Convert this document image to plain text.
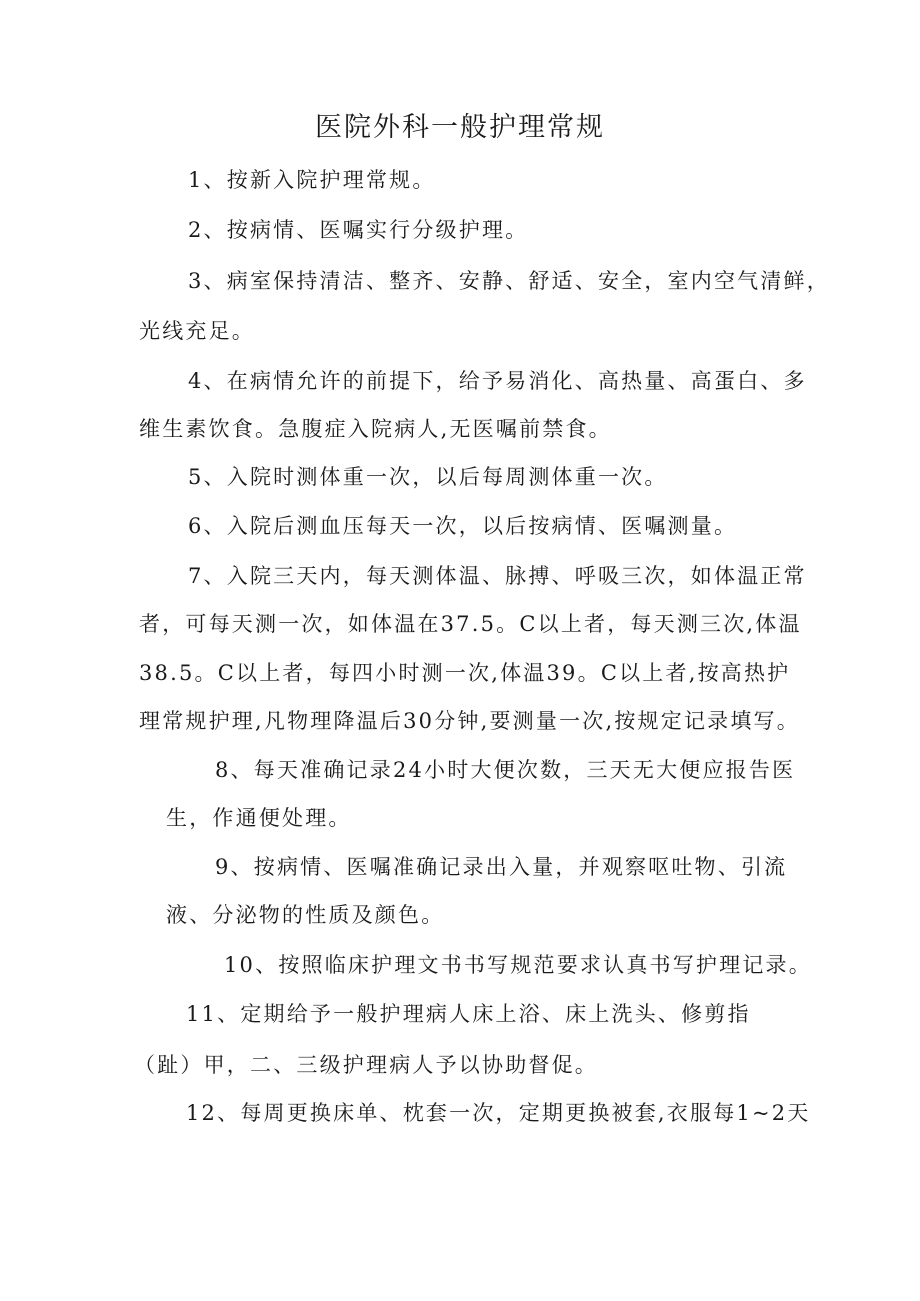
医院外科一般护理常规

1、按新入院护理常规。

2、按病情、医嘱实行分级护理。

3、病室保持清洁、整齐、安静、舒适、安全，室内空气清鲜，

光线充足。

4、在病情允许的前提下，给予易消化、高热量、高蛋白、多

维生素饮食。急腹症入院病人,无医嘱前禁食。

5、入院时测体重一次，以后每周测体重一次。

6、入院后测血压每天一次，以后按病情、医嘱测量。

7、入院三天内，每天测体温、脉搏、呼吸三次，如体温正常

者，可每天测一次，如体温在37.5。C以上者，每天测三次,体温

38.5。C以上者，每四小时测一次,体温39。C以上者,按高热护

理常规护理,凡物理降温后30分钟,要测量一次,按规定记录填写。

8、每天准确记录24小时大便次数，三天无大便应报告医

生，作通便处理。

9、按病情、医嘱准确记录出入量，并观察呕吐物、引流

液、分泌物的性质及颜色。

10、按照临床护理文书书写规范要求认真书写护理记录。

11、定期给予一般护理病人床上浴、床上洗头、修剪指

（趾）甲，二、三级护理病人予以协助督促。

12、每周更换床单、枕套一次，定期更换被套,衣服每1~2天
